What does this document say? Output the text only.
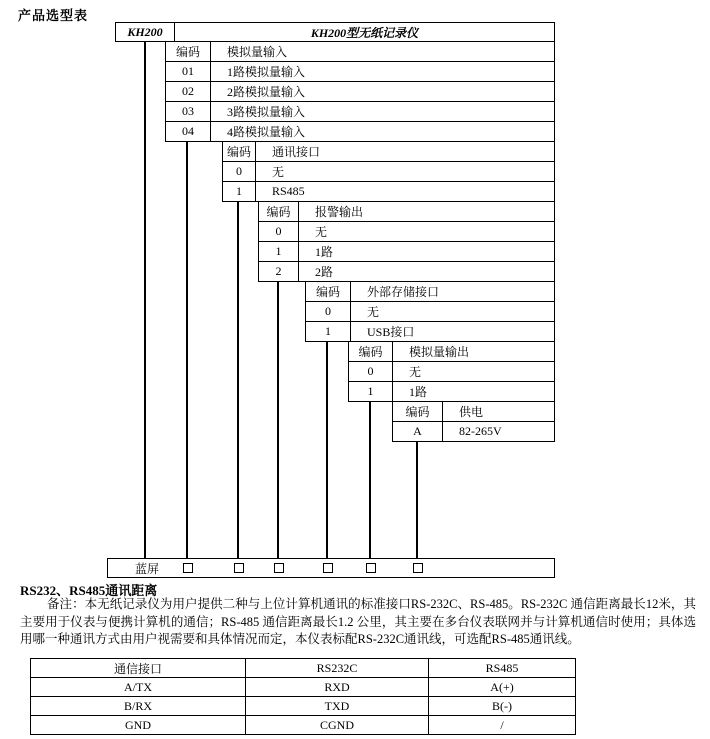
产品选型表
KH200	KH200型无纸记录仪
编码	模拟量输入
01	1路模拟量输入
02	2路模拟量输入
03	3路模拟量输入
04	4路模拟量输入
编码	通讯接口
0	无
1	RS485
编码	报警输出
0	无
1	1路
2	2路
编码	外部存储接口
0	无
1	USB接口
编码	模拟量输出
0	无
1	1路
编码	供电
A	82-265V
蓝屏
RS232、RS485通讯距离
备注：本无纸记录仪为用户提供二种与上位计算机通讯的标准接口RS-232C、RS-485。RS-232C 通信距离最长12米，其主要用于仪表与便携计算机的通信；RS-485 通信距离最长1.2 公里，其主要在多台仪表联网并与计算机通信时使用；具体选用哪一种通讯方式由用户视需要和具体情况而定，本仪表标配RS-232C通讯线，可选配RS-485通讯线。
通信接口	RS232C	RS485
A/TX	RXD	A(+)
B/RX	TXD	B(-)
GND	CGND	/
